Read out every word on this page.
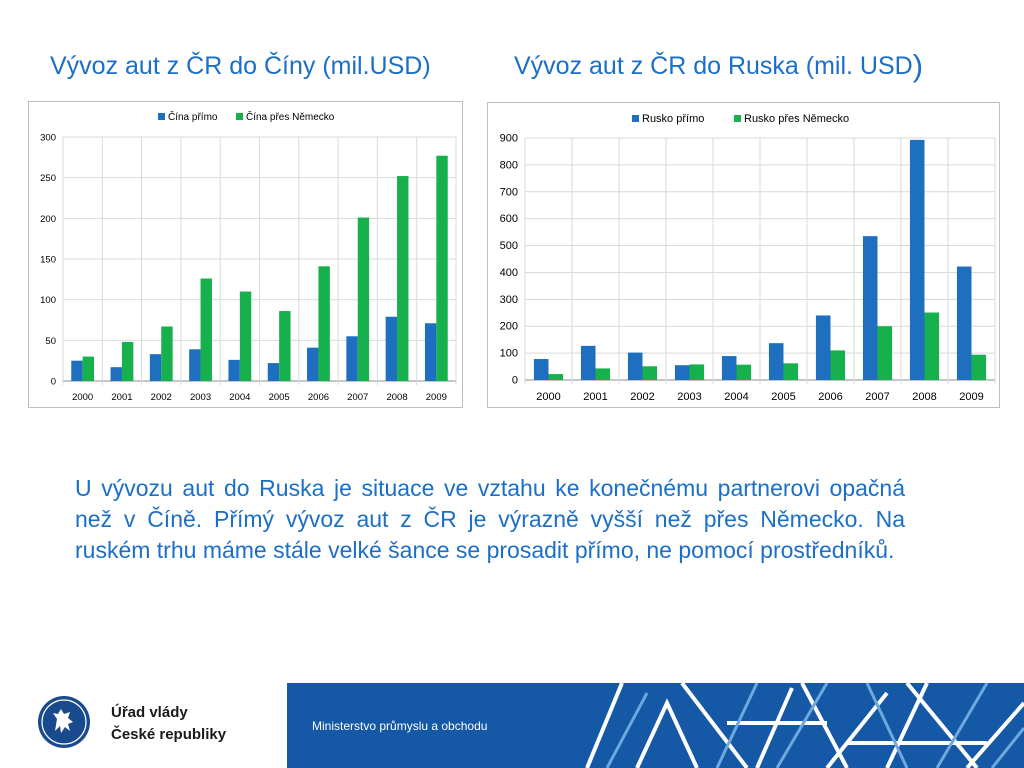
Vývoz aut z ČR do Číny (mil.USD)	Vývoz aut z ČR do Ruska (mil. USD)
0
50
100
150
200
250
300
2000 2001 2002 2003 2004 2005 2006 2007 2008 2009
Čína přímo	Čína přes Německo
0
100
200
300
400
500
600
700
800
900
2000 2001 2002 2003 2004 2005 2006 2007 2008 2009
Rusko přímo	Rusko přes Německo
U vývozu aut do Ruska je situace ve vztahu ke konečnému partnerovi opačná než v Číně. Přímý vývoz aut z ČR je výrazně vyšší než přes Německo. Na ruském trhu máme stále velké šance se prosadit přímo, ne pomocí prostředníků.
Úřad vlády
České republiky	Ministerstvo průmyslu a obchodu
